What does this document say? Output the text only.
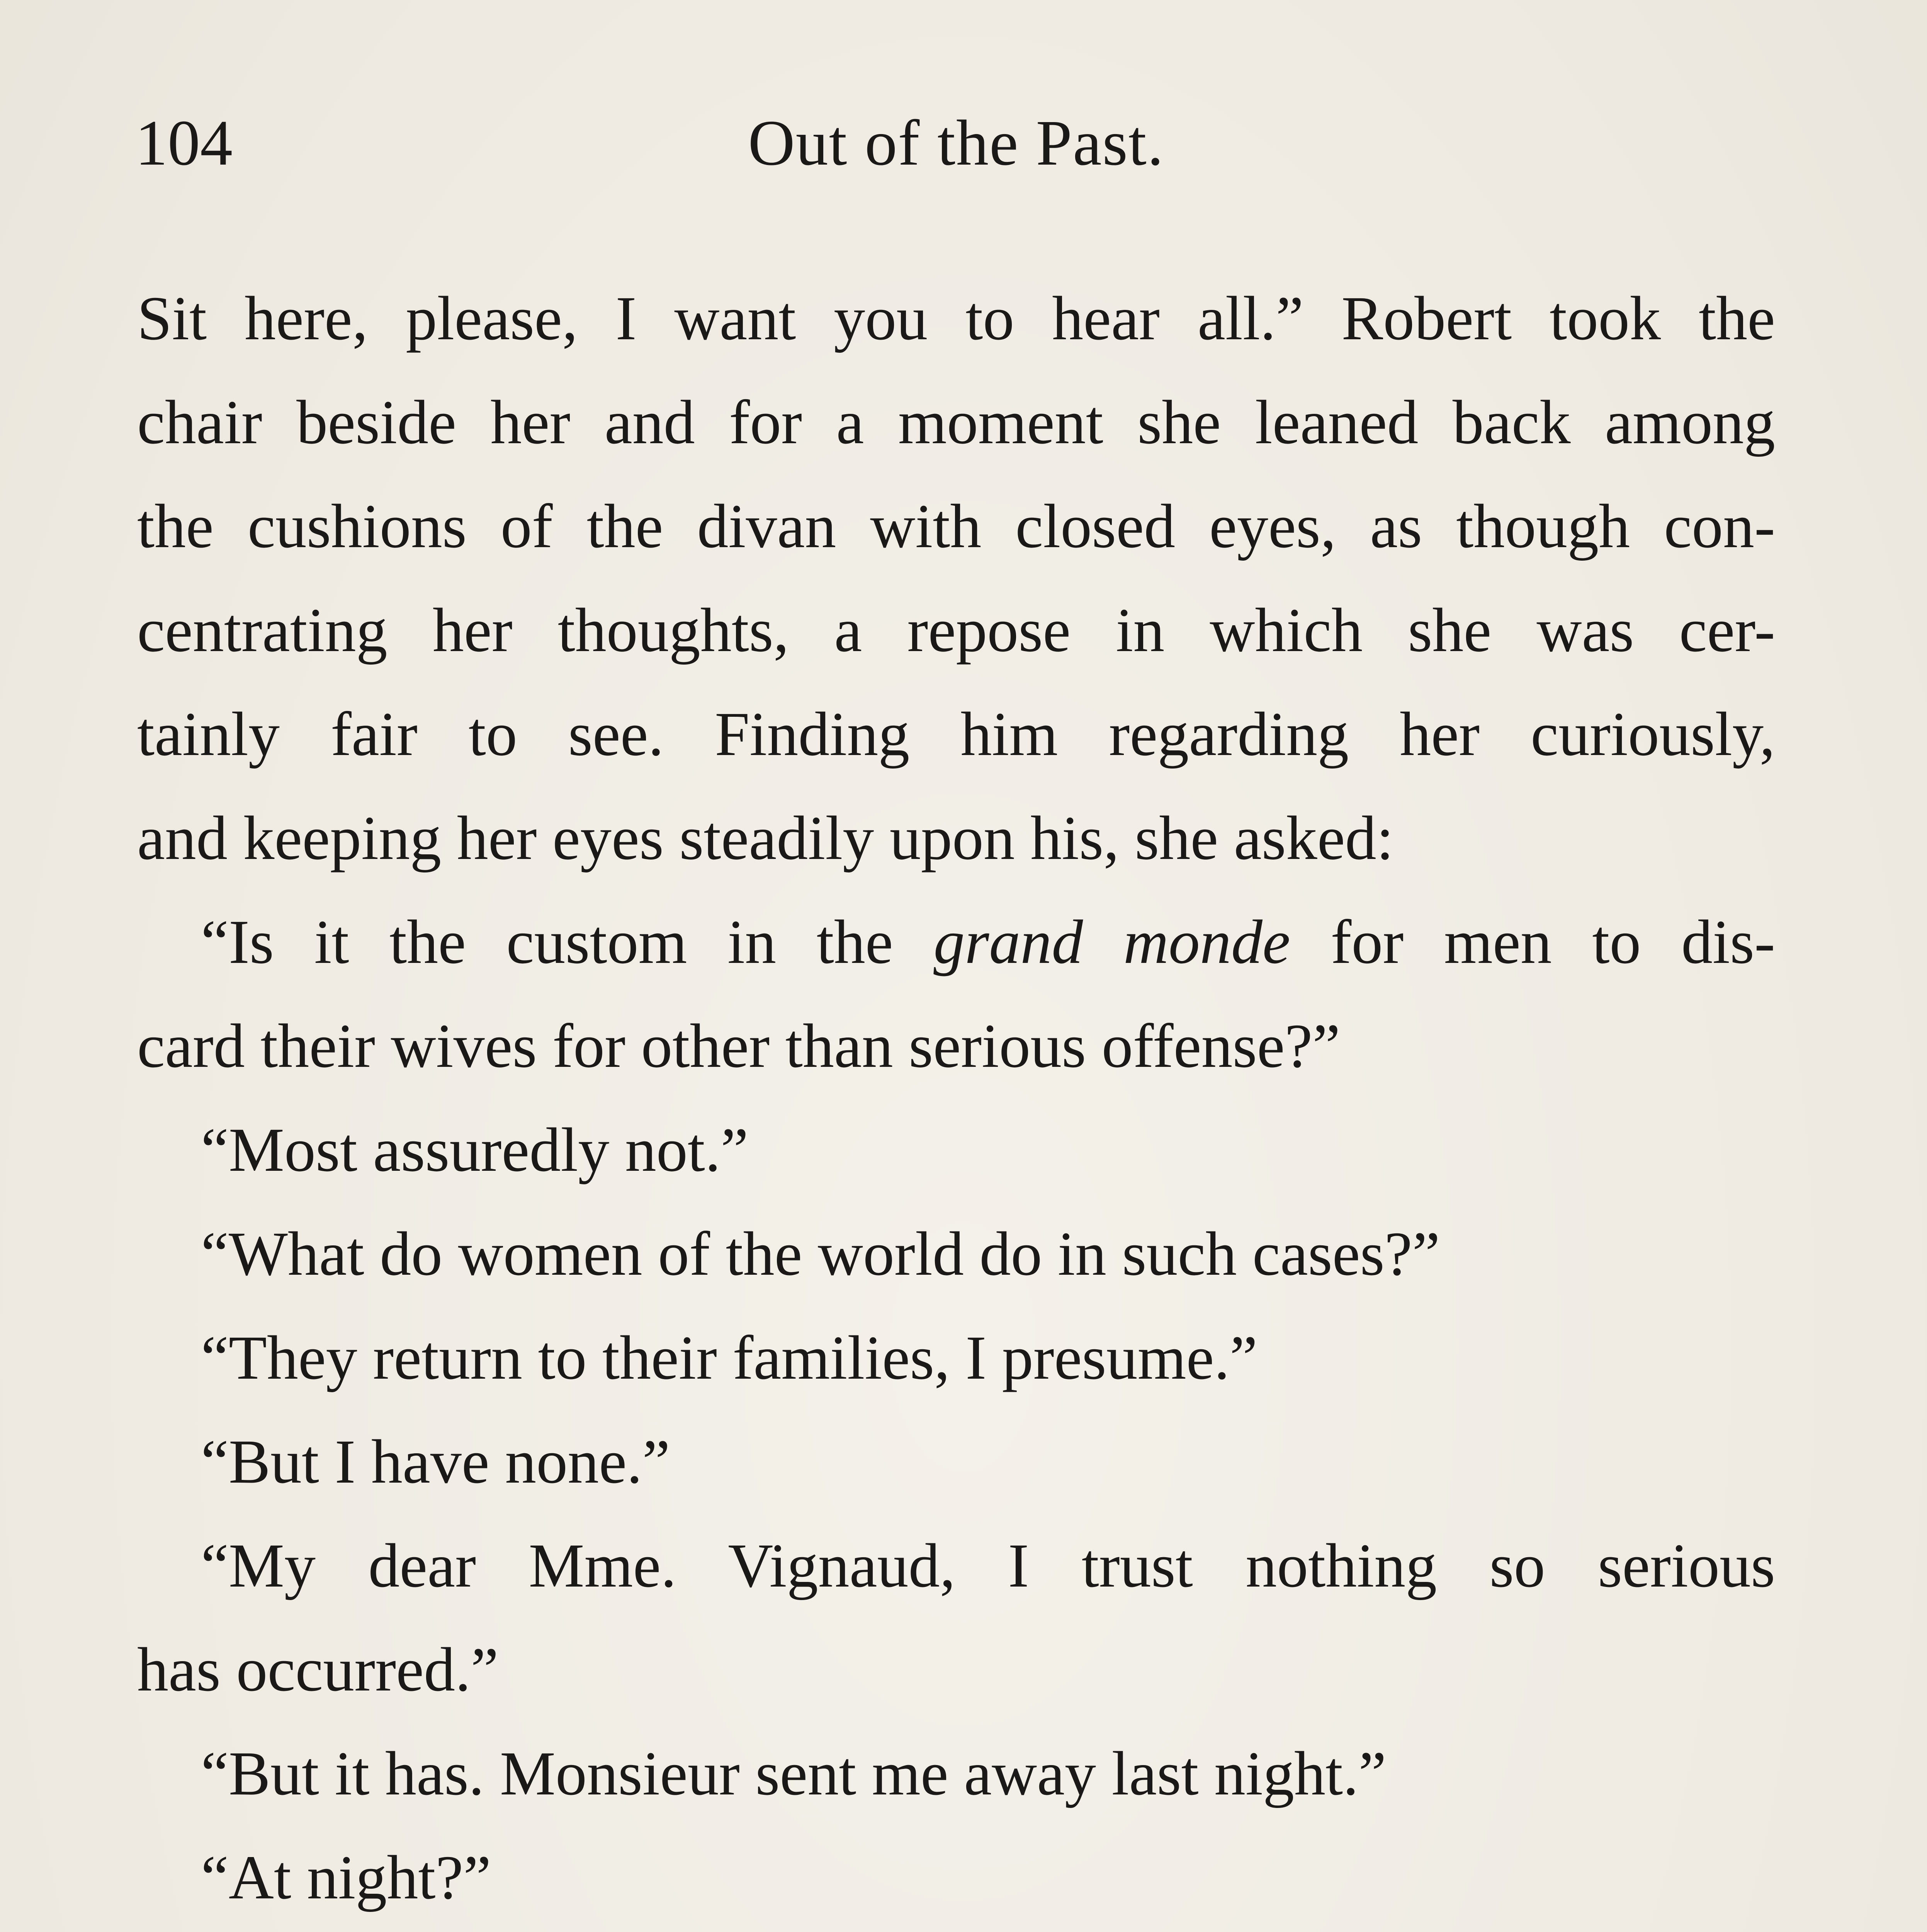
104	Out of the Past.
Sit here, please, I want you to hear all.” Robert took the
chair beside her and for a moment she leaned back among
the cushions of the divan with closed eyes, as though con-
centrating her thoughts, a repose in which she was cer-
tainly fair to see. Finding him regarding her curiously,
and keeping her eyes steadily upon his, she asked:
“Is it the custom in the grand monde for men to dis-
card their wives for other than serious offense?”
“Most assuredly not.”
“What do women of the world do in such cases?”
“They return to their families, I presume.”
“But I have none.”
“My dear Mme. Vignaud, I trust nothing so serious
has occurred.”
“But it has. Monsieur sent me away last night.”
“At night?”
